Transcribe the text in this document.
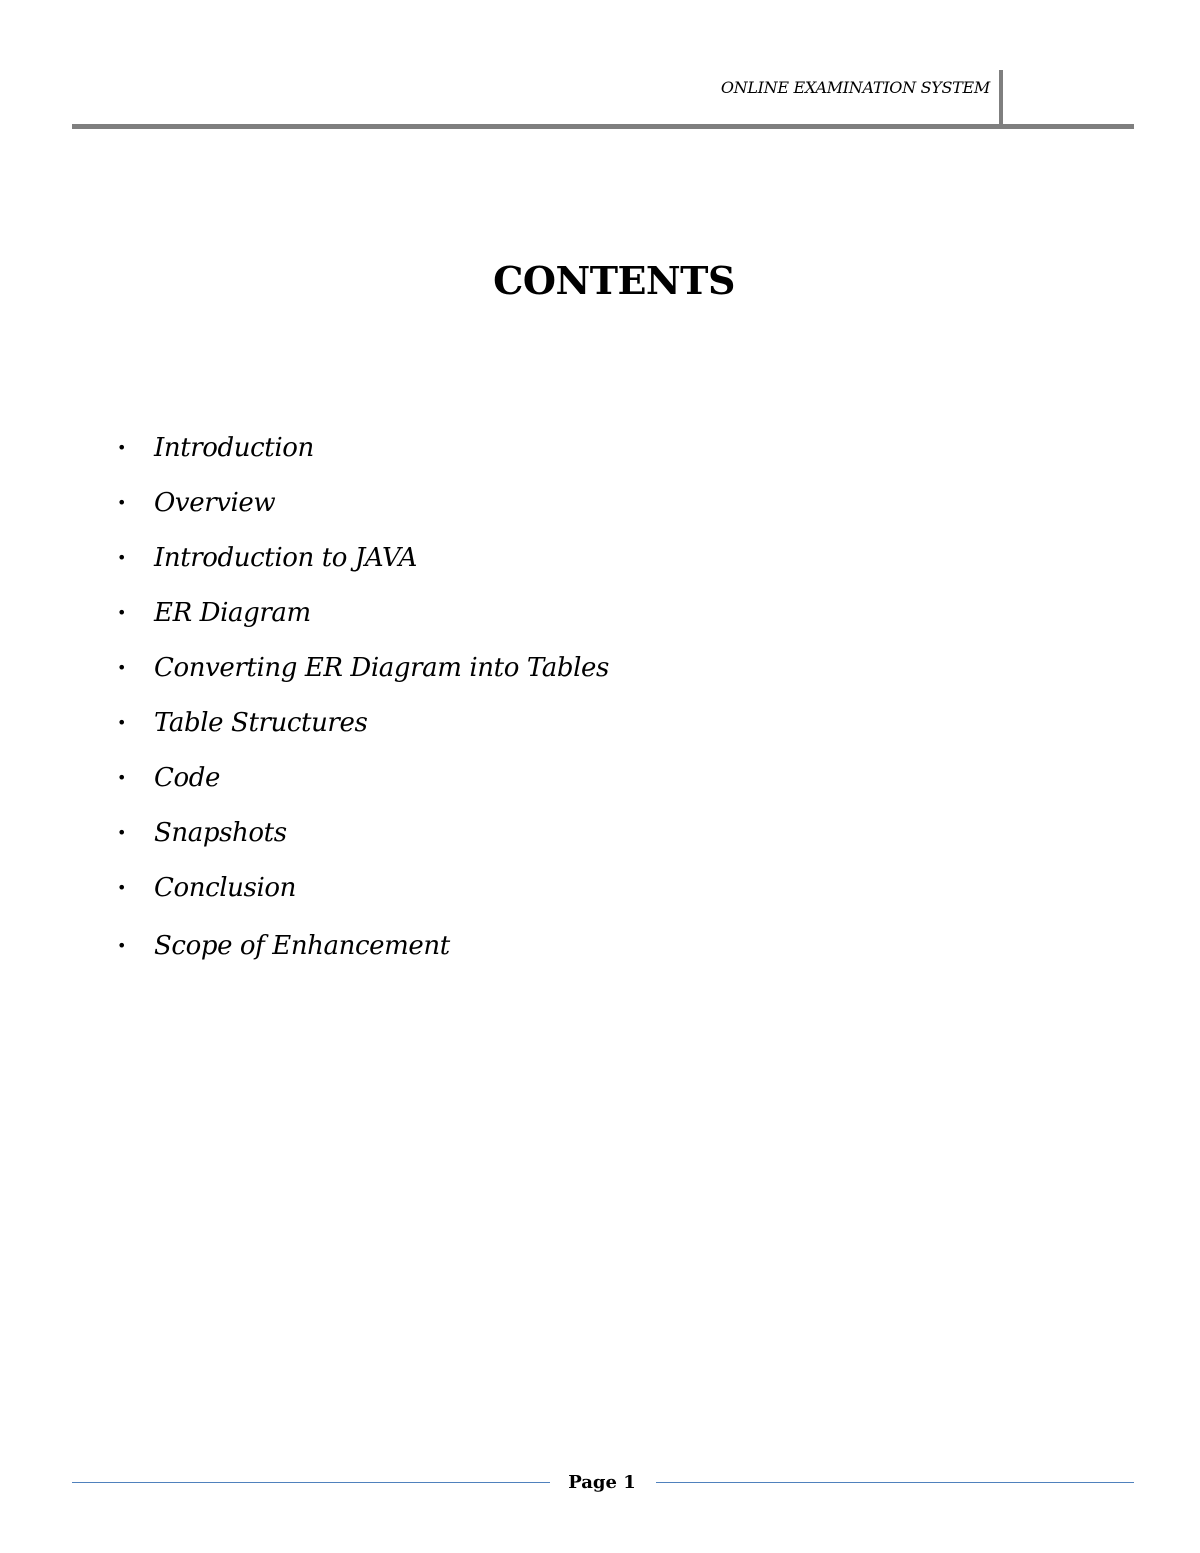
ONLINE EXAMINATION SYSTEM
CONTENTS
•	Introduction
•	Overview
•	Introduction to JAVA
•	ER Diagram
•	Converting ER Diagram into Tables
•	Table Structures
•	Code
•	Snapshots
•	Conclusion
•	Scope of Enhancement
Page 1
